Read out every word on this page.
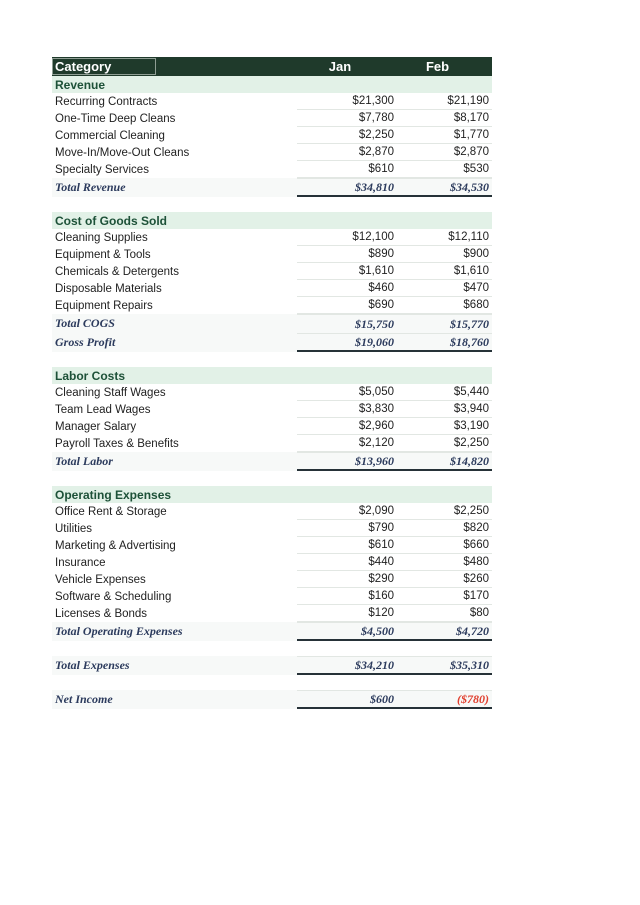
Category	Jan	Feb
Revenue
Recurring Contracts	$21,300	$21,190
One-Time Deep Cleans	$7,780	$8,170
Commercial Cleaning	$2,250	$1,770
Move-In/Move-Out Cleans	$2,870	$2,870
Specialty Services	$610	$530
Total Revenue	$34,810	$34,530
Cost of Goods Sold
Cleaning Supplies	$12,100	$12,110
Equipment & Tools	$890	$900
Chemicals & Detergents	$1,610	$1,610
Disposable Materials	$460	$470
Equipment Repairs	$690	$680
Total COGS	$15,750	$15,770
Gross Profit	$19,060	$18,760
Labor Costs
Cleaning Staff Wages	$5,050	$5,440
Team Lead Wages	$3,830	$3,940
Manager Salary	$2,960	$3,190
Payroll Taxes & Benefits	$2,120	$2,250
Total Labor	$13,960	$14,820
Operating Expenses
Office Rent & Storage	$2,090	$2,250
Utilities	$790	$820
Marketing & Advertising	$610	$660
Insurance	$440	$480
Vehicle Expenses	$290	$260
Software & Scheduling	$160	$170
Licenses & Bonds	$120	$80
Total Operating Expenses	$4,500	$4,720
Total Expenses	$34,210	$35,310
Net Income	$600	($780)
